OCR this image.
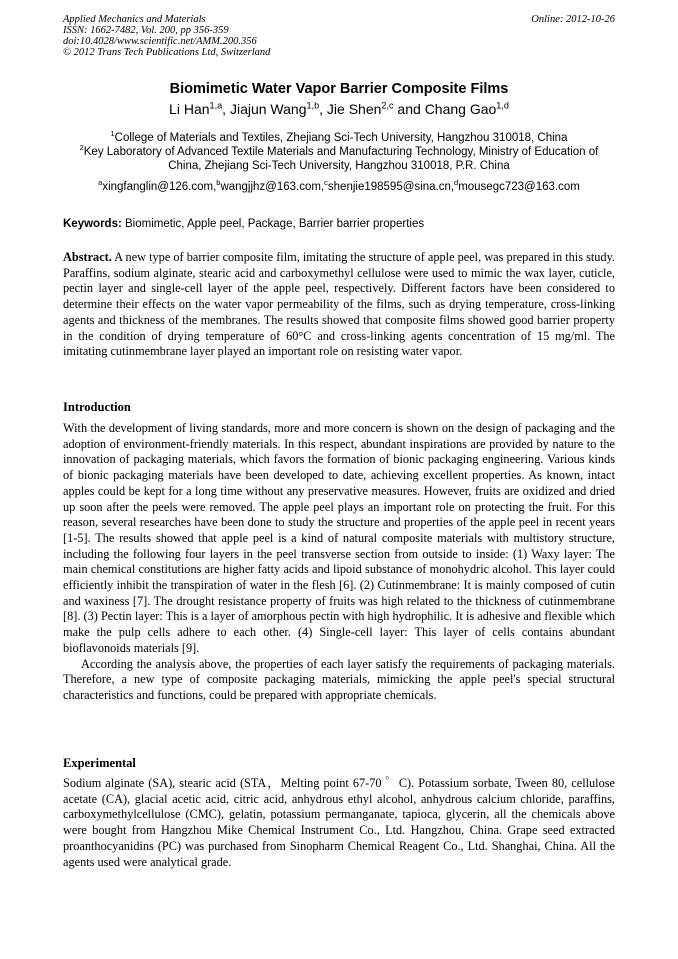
Applied Mechanics and Materials
ISSN: 1662-7482, Vol. 200, pp 356-359
doi:10.4028/www.scientific.net/AMM.200.356
© 2012 Trans Tech Publications Ltd, Switzerland
Online: 2012-10-26
Biomimetic Water Vapor Barrier Composite Films
Li Han$^{1,a}$, Jiajun Wang$^{1,b}$, Jie Shen$^{2,c}$ and Chang Gao$^{1,d}$
$^1$College of Materials and Textiles, Zhejiang Sci-Tech University, Hangzhou 310018, China
$^2$Key Laboratory of Advanced Textile Materials and Manufacturing Technology, Ministry of Education of China, Zhejiang Sci-Tech University, Hangzhou 310018, P.R. China
$^a$xingfanglin@126.com,$^b$wangjjhz@163.com,$^c$shenjie198595@sina.cn,$^d$mousegc723@163.com
Keywords: Biomimetic, Apple peel, Package, Barrier barrier properties

Abstract. A new type of barrier composite film, imitating the structure of apple peel, was prepared in this study. Paraffins, sodium alginate, stearic acid and carboxymethyl cellulose were used to mimic the wax layer, cuticle, pectin layer and single-cell layer of the apple peel, respectively. Different factors have been considered to determine their effects on the water vapor permeability of the films, such as drying temperature, cross-linking agents and thickness of the membranes. The results showed that composite films showed good barrier property in the condition of drying temperature of 60°C and cross-linking agents concentration of 15 mg/ml. The imitating cutinmembrane layer played an important role on resisting water vapor.

Introduction

With the development of living standards, more and more concern is shown on the design of packaging and the adoption of environment-friendly materials. In this respect, abundant inspirations are provided by nature to the innovation of packaging materials, which favors the formation of bionic packaging engineering. Various kinds of bionic packaging materials have been developed to date, achieving excellent properties. As known, intact apples could be kept for a long time without any preservative measures. However, fruits are oxidized and dried up soon after the peels were removed. The apple peel plays an important role on protecting the fruit. For this reason, several researches have been done to study the structure and properties of the apple peel in recent years [1-5]. The results showed that apple peel is a kind of natural composite materials with multistory structure, including the following four layers in the peel transverse section from outside to inside: (1) Waxy layer: The main chemical constitutions are higher fatty acids and lipoid substance of monohydric alcohol. This layer could efficiently inhibit the transpiration of water in the flesh [6]. (2) Cutinmembrane: It is mainly composed of cutin and waxiness [7]. The drought resistance property of fruits was high related to the thickness of cutinmembrane [8]. (3) Pectin layer: This is a layer of amorphous pectin with high hydrophilic. It is adhesive and flexible which make the pulp cells adhere to each other. (4) Single-cell layer: This layer of cells contains abundant bioflavonoids materials [9].

According the analysis above, the properties of each layer satisfy the requirements of packaging materials. Therefore, a new type of composite packaging materials, mimicking the apple peel's special structural characteristics and functions, could be prepared with appropriate chemicals.

Experimental

Sodium alginate (SA), stearic acid (STA，Melting point 67-70 ゜C). Potassium sorbate, Tween 80, cellulose acetate (CA), glacial acetic acid, citric acid, anhydrous ethyl alcohol, anhydrous calcium chloride, paraffins, carboxymethylcellulose (CMC), gelatin, potassium permanganate, tapioca, glycerin, all the chemicals above were bought from Hangzhou Mike Chemical Instrument Co., Ltd. Hangzhou, China. Grape seed extracted proanthocyanidins (PC) was purchased from Sinopharm Chemical Reagent Co., Ltd. Shanghai, China. All the agents used were analytical grade.
